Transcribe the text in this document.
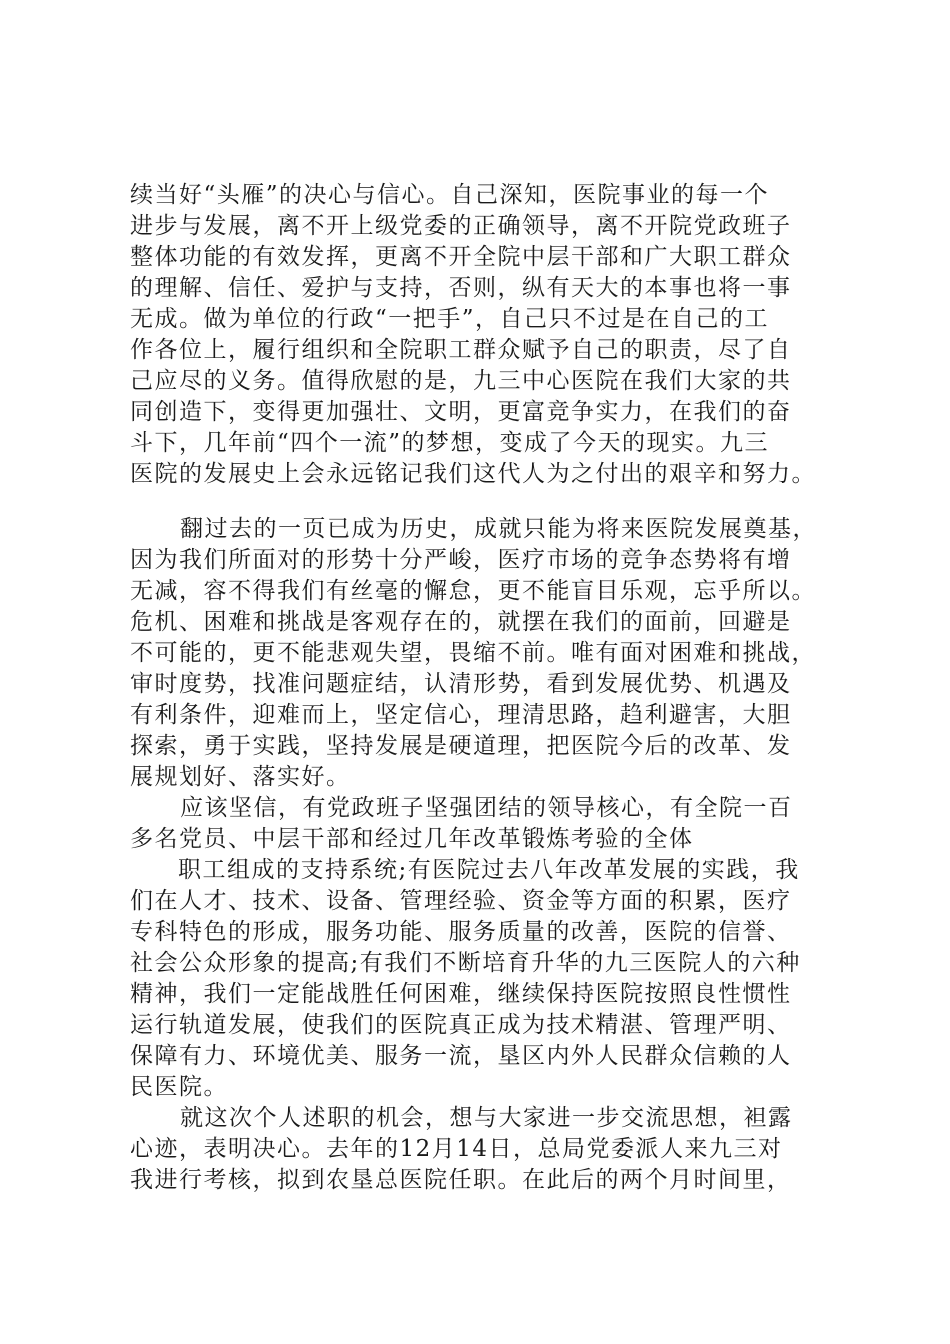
续当好“头雁”的决心与信心。自己深知，医院事业的每一个
进步与发展，离不开上级党委的正确领导，离不开院党政班子
整体功能的有效发挥，更离不开全院中层干部和广大职工群众
的理解、信任、爱护与支持，否则，纵有天大的本事也将一事
无成。做为单位的行政“一把手”，自己只不过是在自己的工
作各位上，履行组织和全院职工群众赋予自己的职责，尽了自
己应尽的义务。值得欣慰的是，九三中心医院在我们大家的共
同创造下，变得更加强壮、文明，更富竞争实力，在我们的奋
斗下，几年前“四个一流”的梦想，变成了今天的现实。九三
医院的发展史上会永远铭记我们这代人为之付出的艰辛和努力。
翻过去的一页已成为历史，成就只能为将来医院发展奠基，
因为我们所面对的形势十分严峻，医疗市场的竞争态势将有增
无减，容不得我们有丝毫的懈怠，更不能盲目乐观，忘乎所以。
危机、困难和挑战是客观存在的，就摆在我们的面前，回避是
不可能的，更不能悲观失望，畏缩不前。唯有面对困难和挑战，
审时度势，找准问题症结，认清形势，看到发展优势、机遇及
有利条件，迎难而上，坚定信心，理清思路，趋利避害，大胆
探索，勇于实践，坚持发展是硬道理，把医院今后的改革、发
展规划好、落实好。
应该坚信，有党政班子坚强团结的领导核心，有全院一百
多名党员、中层干部和经过几年改革锻炼考验的全体
职工组成的支持系统;有医院过去八年改革发展的实践，我
们在人才、技术、设备、管理经验、资金等方面的积累，医疗
专科特色的形成，服务功能、服务质量的改善，医院的信誉、
社会公众形象的提高;有我们不断培育升华的九三医院人的六种
精神，我们一定能战胜任何困难，继续保持医院按照良性惯性
运行轨道发展，使我们的医院真正成为技术精湛、管理严明、
保障有力、环境优美、服务一流，垦区内外人民群众信赖的人
民医院。
就这次个人述职的机会，想与大家进一步交流思想，袒露
心迹，表明决心。去年的12月14日，总局党委派人来九三对
我进行考核，拟到农垦总医院任职。在此后的两个月时间里，
